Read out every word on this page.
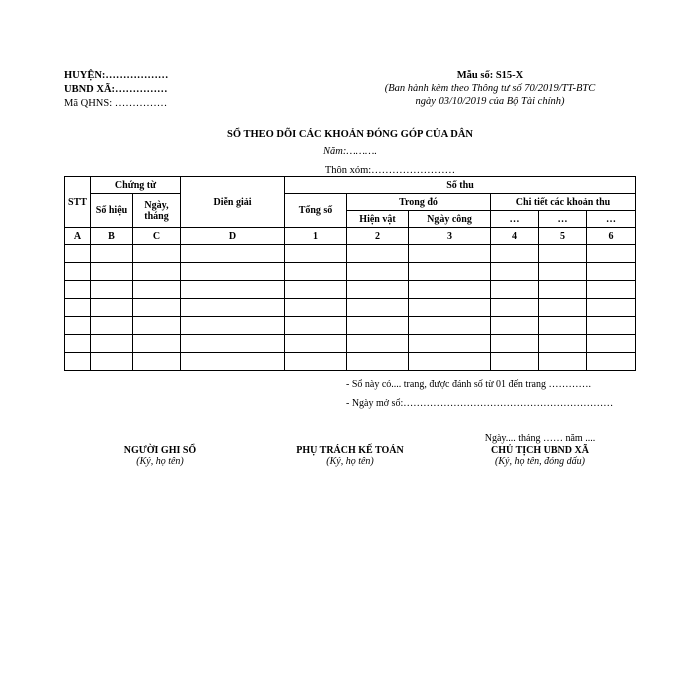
HUYỆN:………………
UBND XÃ:……………
Mã QHNS: ……………
Mẫu số: S15-X
(Ban hành kèm theo Thông tư số 70/2019/TT-BTC
ngày 03/10/2019 của Bộ Tài chính)
SỔ THEO DÕI CÁC KHOẢN ĐÓNG GÓP CỦA DÂN
Năm:……….
Thôn xóm:……………………
STT	Chứng từ		Diễn giải	Số thu					
	Số hiệu	Ngày, tháng		Tổng số	Trong đó		Chi tiết các khoản thu		
					Hiện vật	Ngày công	…	…	…
A	B	C	D	1	2	3	4	5	6

- Sổ này có.... trang, được đánh số từ 01 đến trang ………….
- Ngày mở sổ:………………………………………………………
Ngày.... tháng …… năm ....
NGƯỜI GHI SỔ
(Ký, họ tên)
PHỤ TRÁCH KẾ TOÁN
(Ký, họ tên)
CHỦ TỊCH UBND XÃ
(Ký, họ tên, đóng dấu)
